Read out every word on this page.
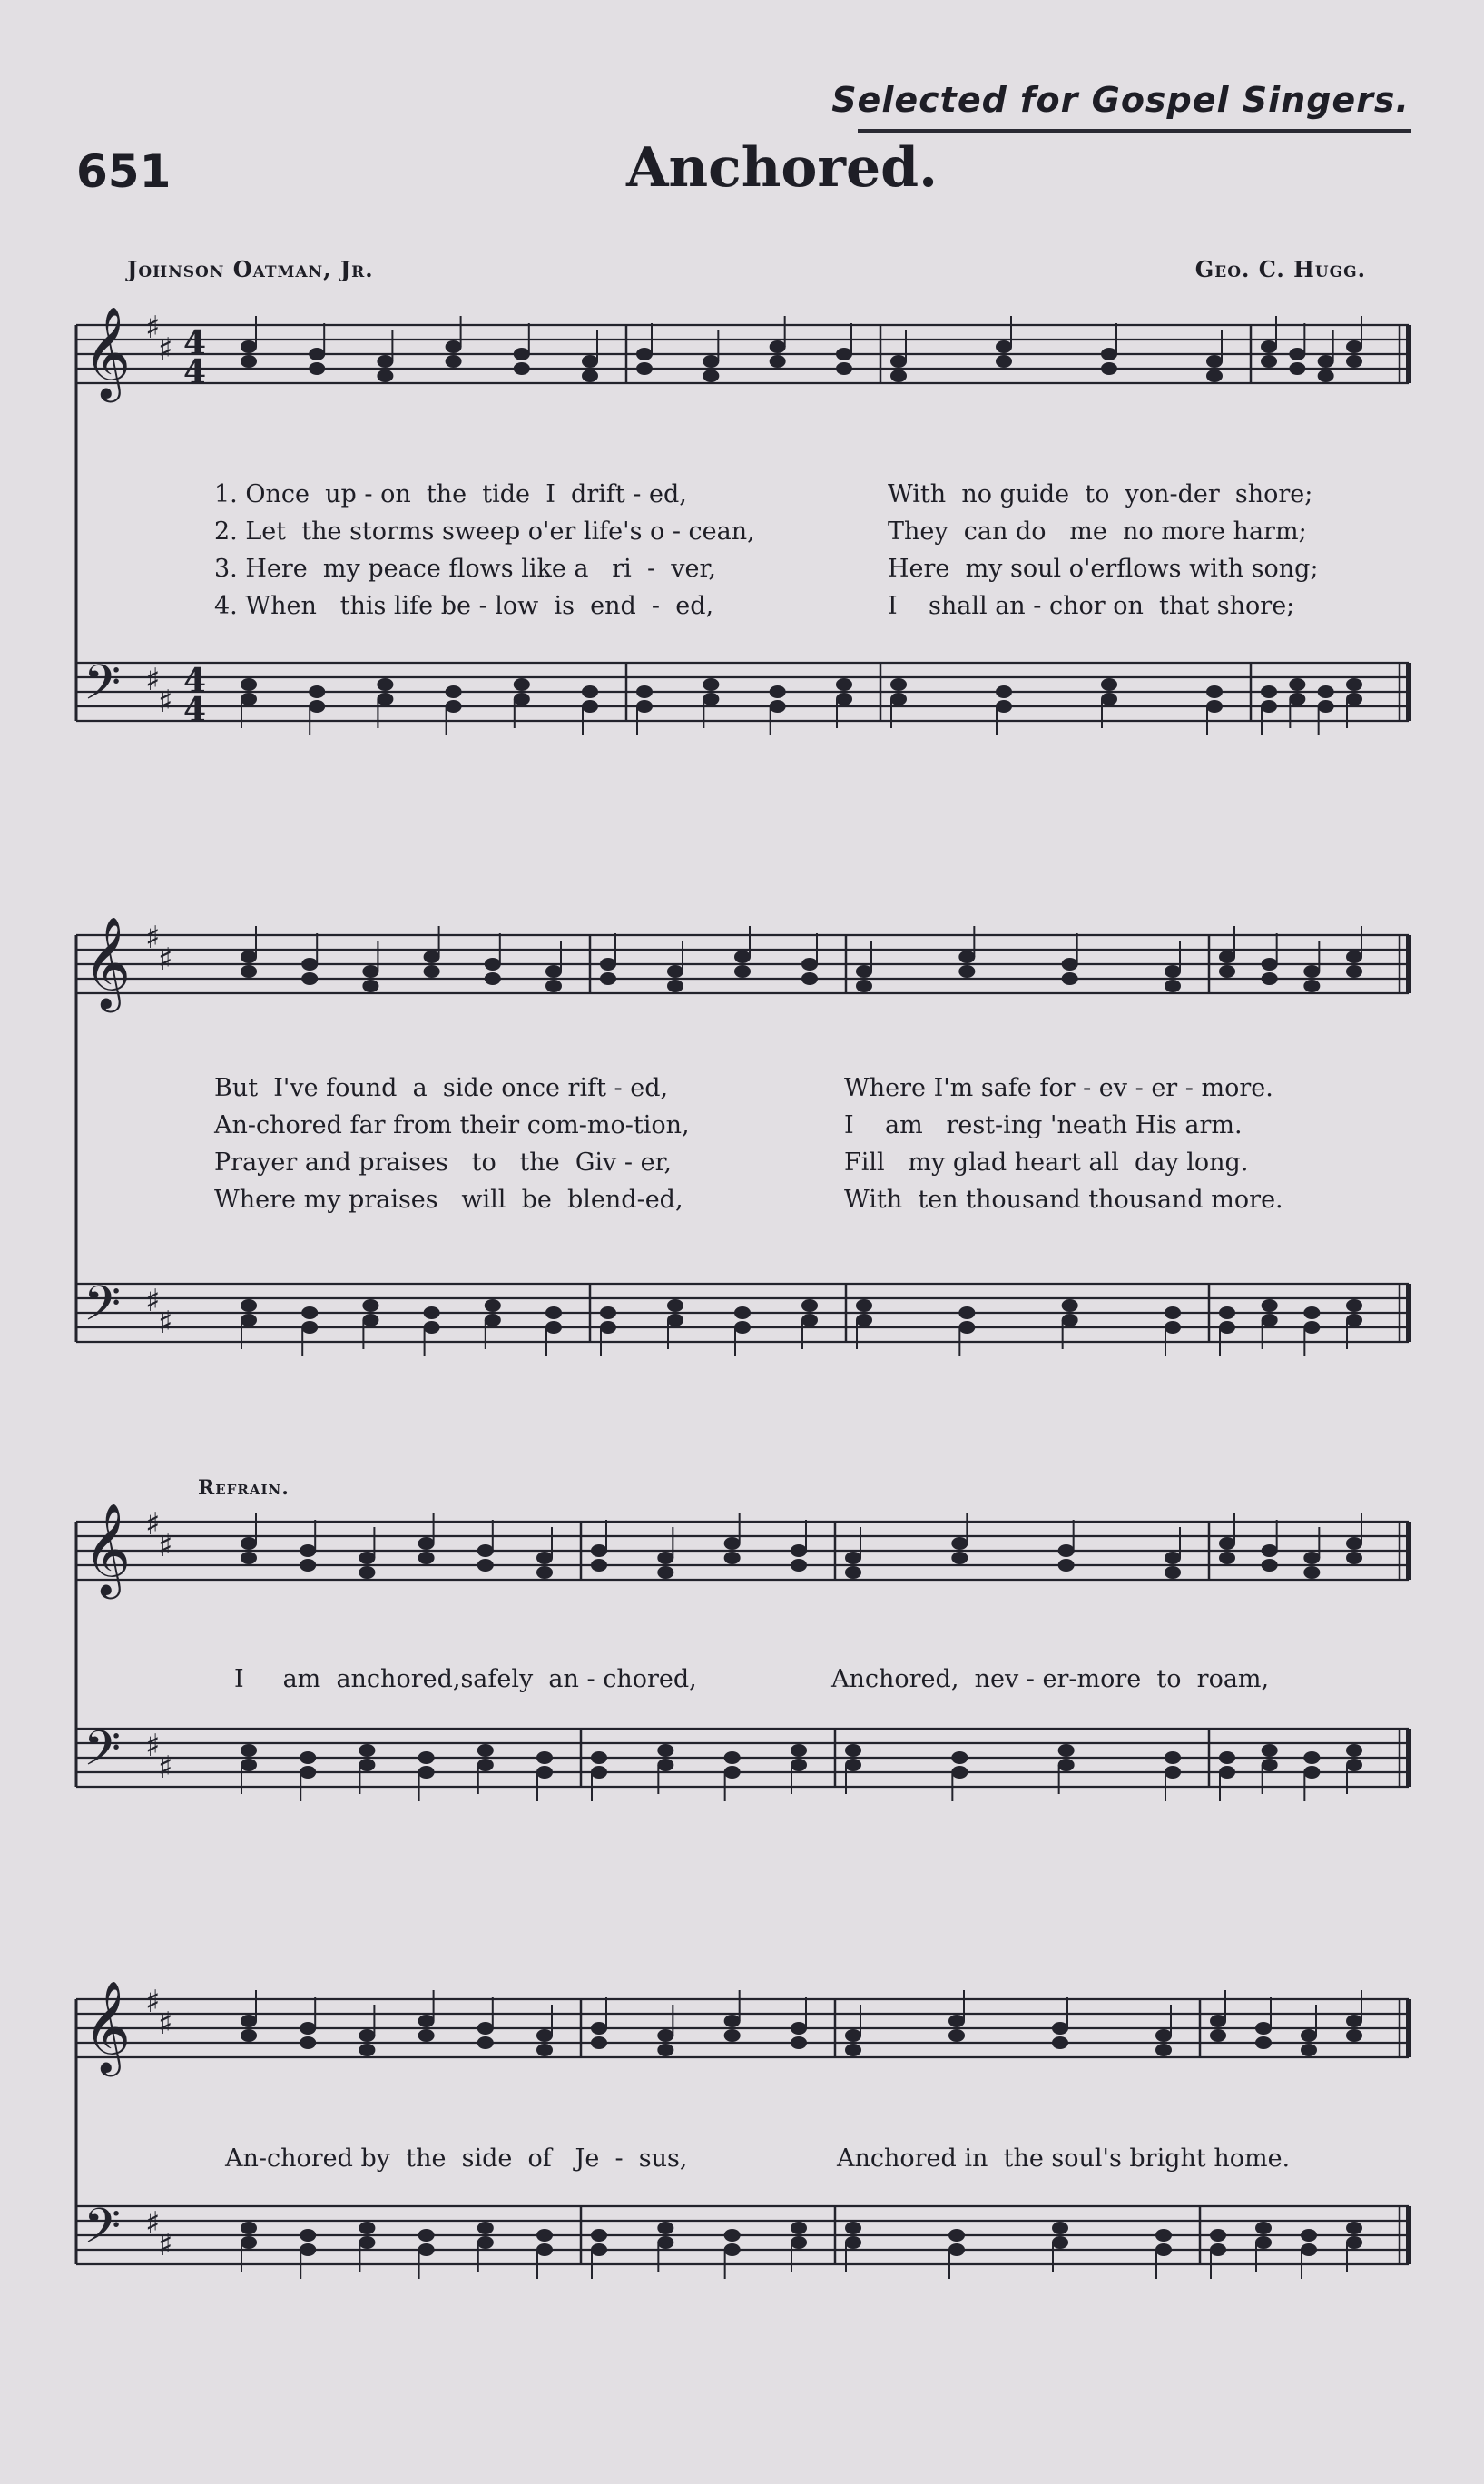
Selected for Gospel Singers.
651	Anchored.
Johnson Oatman, Jr.	Geo. C. Hugg.
𝄞
𝄢
♯
♯
♯
♯
4
4
4
4
𝄞
𝄢
♯
♯
♯
♯
𝄞
𝄢
♯
♯
♯
♯
𝄞
𝄢
♯
♯
♯
♯
1. Once  up - on  the  tide  I  drift - ed,
2. Let  the storms sweep o'er life's o - cean,
3. Here  my peace flows like a   ri  -  ver,
4. When   this life be - low  is  end  -  ed,
With  no guide  to  yon-der  shore;
They  can do   me  no more harm;
Here  my soul o'erflows with song;
I    shall an - chor on  that shore;
But  I've found  a  side once rift - ed,
An-chored far from their com-mo-tion,
Prayer and praises   to   the  Giv - er,
Where my praises   will  be  blend-ed,
Where I'm safe for - ev - er - more.
I    am   rest-ing 'neath His arm.
Fill   my glad heart all  day long.
With  ten thousand thousand more.
Refrain.
I     am  anchored,safely  an - chored,	Anchored,  nev - er-more  to  roam,
An-chored by  the  side  of   Je  -  sus,	Anchored in  the soul's bright home.
